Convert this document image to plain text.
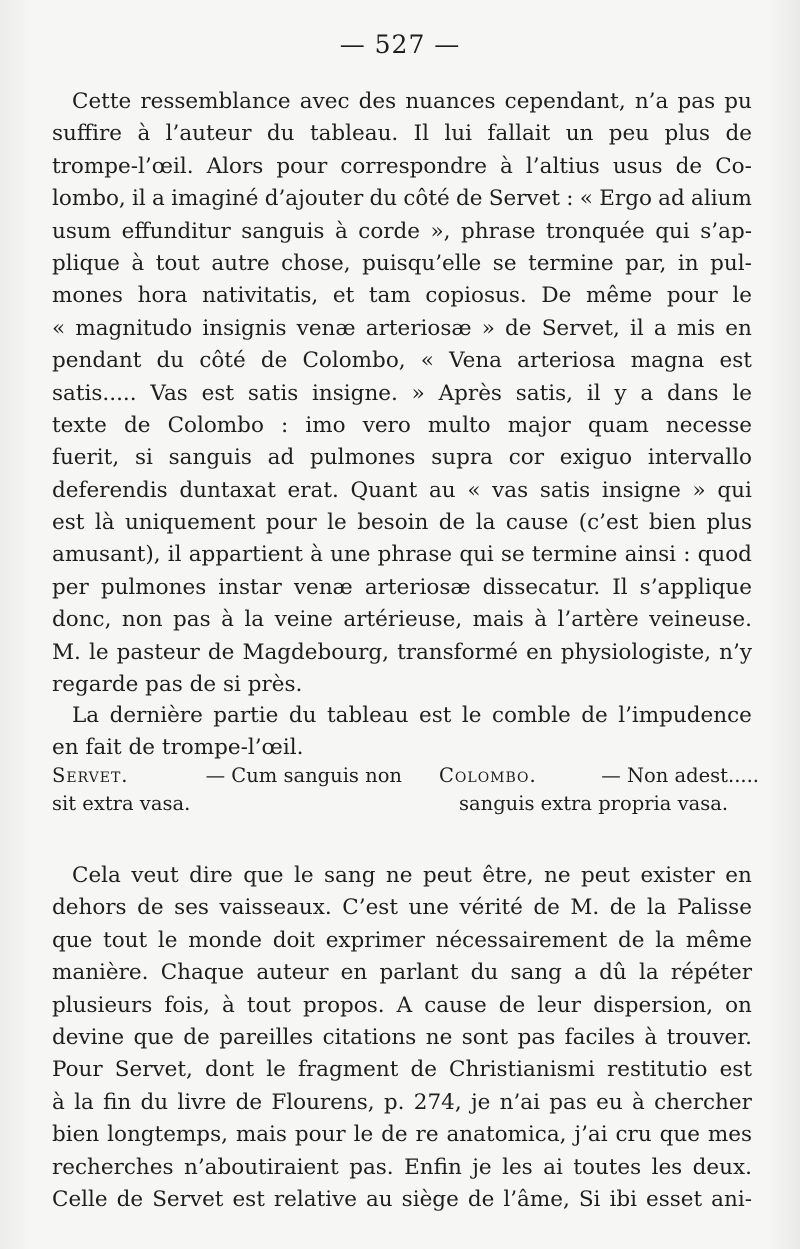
— 527 —
Cette ressemblance avec des nuances cependant, n’a pas pu
suffire à l’auteur du tableau. Il lui fallait un peu plus de
trompe-l’œil. Alors pour correspondre à l’altius usus de Co-
lombo, il a imaginé d’ajouter du côté de Servet : « Ergo ad alium
usum effunditur sanguis à corde », phrase tronquée qui s’ap-
plique à tout autre chose, puisqu’elle se termine par, in pul-
mones hora nativitatis, et tam copiosus. De même pour le
« magnitudo insignis venæ arteriosæ » de Servet, il a mis en
pendant du côté de Colombo, « Vena arteriosa magna est
satis..... Vas est satis insigne. » Après satis, il y a dans le
texte de Colombo : imo vero multo major quam necesse
fuerit, si sanguis ad pulmones supra cor exiguo intervallo
deferendis duntaxat erat. Quant au « vas satis insigne » qui
est là uniquement pour le besoin de la cause (c’est bien plus
amusant), il appartient à une phrase qui se termine ainsi : quod
per pulmones instar venæ arteriosæ dissecatur. Il s’applique
donc, non pas à la veine artérieuse, mais à l’artère veineuse.
M. le pasteur de Magdebourg, transformé en physiologiste, n’y
regarde pas de si près.
La dernière partie du tableau est le comble de l’impudence
en fait de trompe-l’œil.
Servet.	— Cum sanguis non
sit extra vasa.
Colombo.	— Non adest.....
sanguis extra propria vasa.
Cela veut dire que le sang ne peut être, ne peut exister en
dehors de ses vaisseaux. C’est une vérité de M. de la Palisse
que tout le monde doit exprimer nécessairement de la même
manière. Chaque auteur en parlant du sang a dû la répéter
plusieurs fois, à tout propos. A cause de leur dispersion, on
devine que de pareilles citations ne sont pas faciles à trouver.
Pour Servet, dont le fragment de Christianismi restitutio est
à la fin du livre de Flourens, p. 274, je n’ai pas eu à chercher
bien longtemps, mais pour le de re anatomica, j’ai cru que mes
recherches n’aboutiraient pas. Enfin je les ai toutes les deux.
Celle de Servet est relative au siège de l’âme, Si ibi esset ani-
